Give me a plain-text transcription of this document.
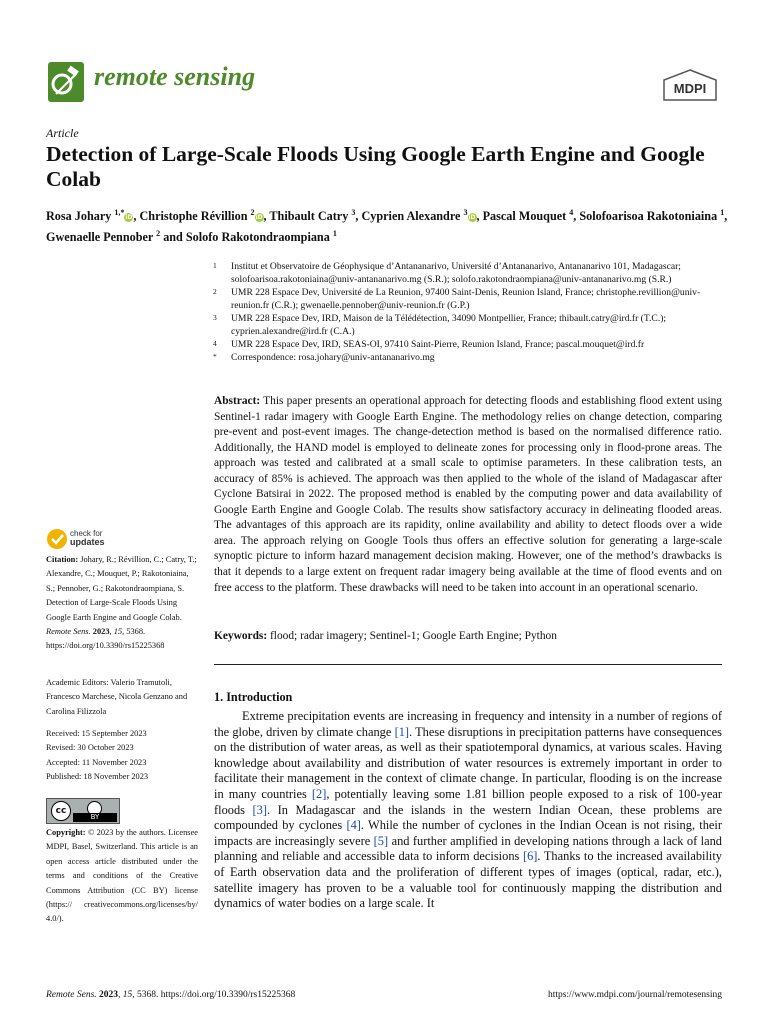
remote sensing	MDPI
Article
Detection of Large-Scale Floods Using Google Earth Engine and Google Colab
Rosa Johary $^{1,*}$iD, Christophe Révillion $^2$iD, Thibault Catry $^3$, Cyprien Alexandre $^3$iD, Pascal Mouquet $^4$, Solofoarisoa Rakotoniaina $^1$, Gwenaelle Pennober $^2$ and Solofo Rakotondraompiana $^1$
1 Institut et Observatoire de Géophysique d’Antananarivo, Université d’Antananarivo, Antananarivo 101, Madagascar; solofoarisoa.rakotoniaina@univ-antananarivo.mg (S.R.); solofo.rakotondraompiana@univ-antananarivo.mg (S.R.)
2 UMR 228 Espace Dev, Université de La Reunion, 97400 Saint-Denis, Reunion Island, France; christophe.revillion@univ-reunion.fr (C.R.); gwenaelle.pennober@univ-reunion.fr (G.P.)
3 UMR 228 Espace Dev, IRD, Maison de la Télédétection, 34090 Montpellier, France; thibault.catry@ird.fr (T.C.); cyprien.alexandre@ird.fr (C.A.)
4 UMR 228 Espace Dev, IRD, SEAS-OI, 97410 Saint-Pierre, Reunion Island, France; pascal.mouquet@ird.fr
* Correspondence: rosa.johary@univ-antananarivo.mg
Abstract: This paper presents an operational approach for detecting floods and establishing flood extent using Sentinel-1 radar imagery with Google Earth Engine. The methodology relies on change detection, comparing pre-event and post-event images. The change-detection method is based on the normalised difference ratio. Additionally, the HAND model is employed to delineate zones for processing only in flood-prone areas. The approach was tested and calibrated at a small scale to optimise parameters. In these calibration tests, an accuracy of 85% is achieved. The approach was then applied to the whole of the island of Madagascar after Cyclone Batsirai in 2022. The proposed method is enabled by the computing power and data availability of Google Earth Engine and Google Colab. The results show satisfactory accuracy in delineating flooded areas. The advantages of this approach are its rapidity, online availability and ability to detect floods over a wide area. The approach relying on Google Tools thus offers an effective solution for generating a large-scale synoptic picture to inform hazard management decision making. However, one of the method’s drawbacks is that it depends to a large extent on frequent radar imagery being available at the time of flood events and on free access to the platform. These drawbacks will need to be taken into account in an operational scenario.
Keywords: flood; radar imagery; Sentinel-1; Google Earth Engine; Python
1. Introduction
Extreme precipitation events are increasing in frequency and intensity in a number of regions of the globe, driven by climate change [1]. These disruptions in precipitation patterns have consequences on the distribution of water areas, as well as their spatiotemporal dynamics, at various scales. Having knowledge about availability and distribution of water resources is extremely important in order to facilitate their management in the context of climate change. In particular, flooding is on the increase in many countries [2], potentially leaving some 1.81 billion people exposed to a risk of 100-year floods [3]. In Madagascar and the islands in the western Indian Ocean, these problems are compounded by cyclones [4]. While the number of cyclones in the Indian Ocean is not rising, their impacts are increasingly severe [5] and further amplified in developing nations through a lack of land planning and reliable and accessible data to inform decisions [6]. Thanks to the increased availability of Earth observation data and the proliferation of different types of images (optical, radar, etc.), satellite imagery has proven to be a valuable tool for continuously mapping the distribution and dynamics of water bodies on a large scale. It
check for
updates
Citation: Johary, R.; Révillion, C.; Catry, T.; Alexandre, C.; Mouquet, P.; Rakotoniaina, S.; Pennober, G.; Rakotondraompiana, S. Detection of Large-Scale Floods Using Google Earth Engine and Google Colab. Remote Sens. 2023, 15, 5368. https://doi.org/10.3390/rs15225368
Academic Editors: Valerio Tramutoli, Francesco Marchese, Nicola Genzano and Carolina Filizzola
Received: 15 September 2023
Revised: 30 October 2023
Accepted: 11 November 2023
Published: 18 November 2023
cc
BY
Copyright: © 2023 by the authors. Licensee MDPI, Basel, Switzerland. This article is an open access article distributed under the terms and conditions of the Creative Commons Attribution (CC BY) license (https:// creativecommons.org/licenses/by/ 4.0/).
Remote Sens. 2023, 15, 5368. https://doi.org/10.3390/rs15225368	https://www.mdpi.com/journal/remotesensing
